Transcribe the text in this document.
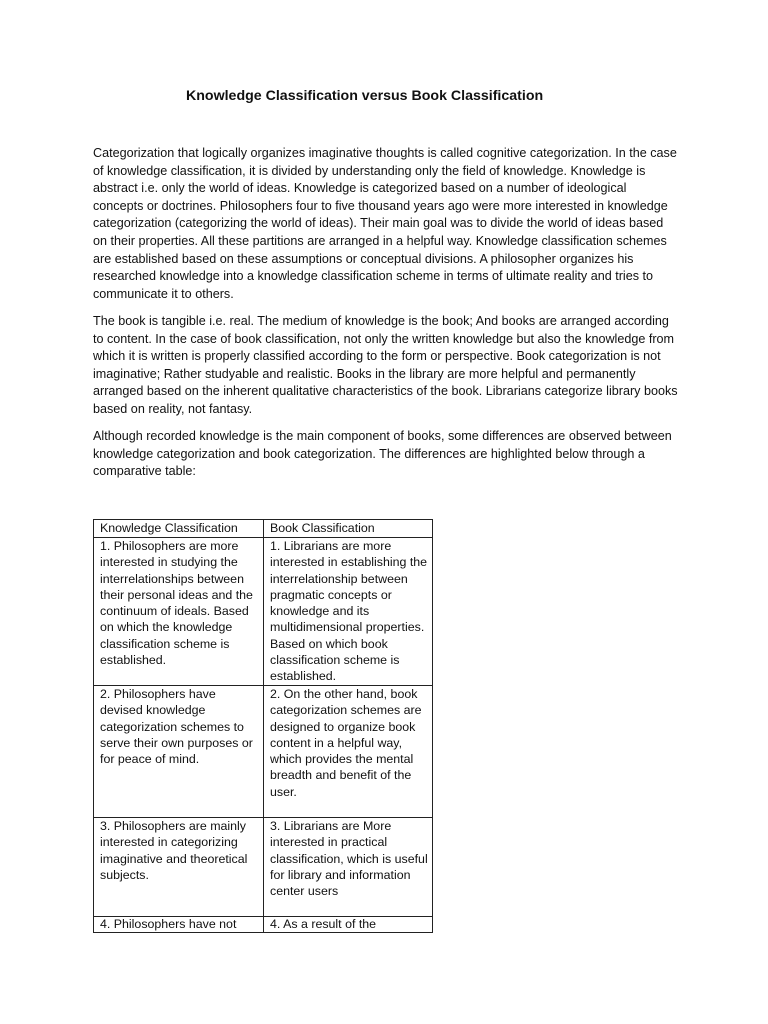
Knowledge Classification versus Book Classification

Categorization that logically organizes imaginative thoughts is called cognitive categorization. In the case of knowledge classification, it is divided by understanding only the field of knowledge. Knowledge is abstract i.e. only the world of ideas. Knowledge is categorized based on a number of ideological concepts or doctrines. Philosophers four to five thousand years ago were more interested in knowledge categorization (categorizing the world of ideas). Their main goal was to divide the world of ideas based on their properties. All these partitions are arranged in a helpful way. Knowledge classification schemes are established based on these assumptions or conceptual divisions. A philosopher organizes his researched knowledge into a knowledge classification scheme in terms of ultimate reality and tries to communicate it to others.

The book is tangible i.e. real. The medium of knowledge is the book; And books are arranged according to content. In the case of book classification, not only the written knowledge but also the knowledge from which it is written is properly classified according to the form or perspective. Book categorization is not imaginative; Rather studyable and realistic. Books in the library are more helpful and permanently arranged based on the inherent qualitative characteristics of the book. Librarians categorize library books based on reality, not fantasy.

Although recorded knowledge is the main component of books, some differences are observed between knowledge categorization and book categorization. The differences are highlighted below through a comparative table:

Knowledge Classification	Book Classification

1. Philosophers are more interested in studying the interrelationships between their personal ideas and the continuum of ideals. Based on which the knowledge classification scheme is established.	1. Librarians are more interested in establishing the interrelationship between pragmatic concepts or knowledge and its multidimensional properties. Based on which book classification scheme is established.

2. Philosophers have devised knowledge categorization schemes to serve their own purposes or for peace of mind.	2. On the other hand, book categorization schemes are designed to organize book content in a helpful way, which provides the mental breadth and benefit of the user.

3. Philosophers are mainly interested in categorizing imaginative and theoretical subjects.	3. Librarians are More interested in practical classification, which is useful for library and information center users

4. Philosophers have not	4. As a result of the
